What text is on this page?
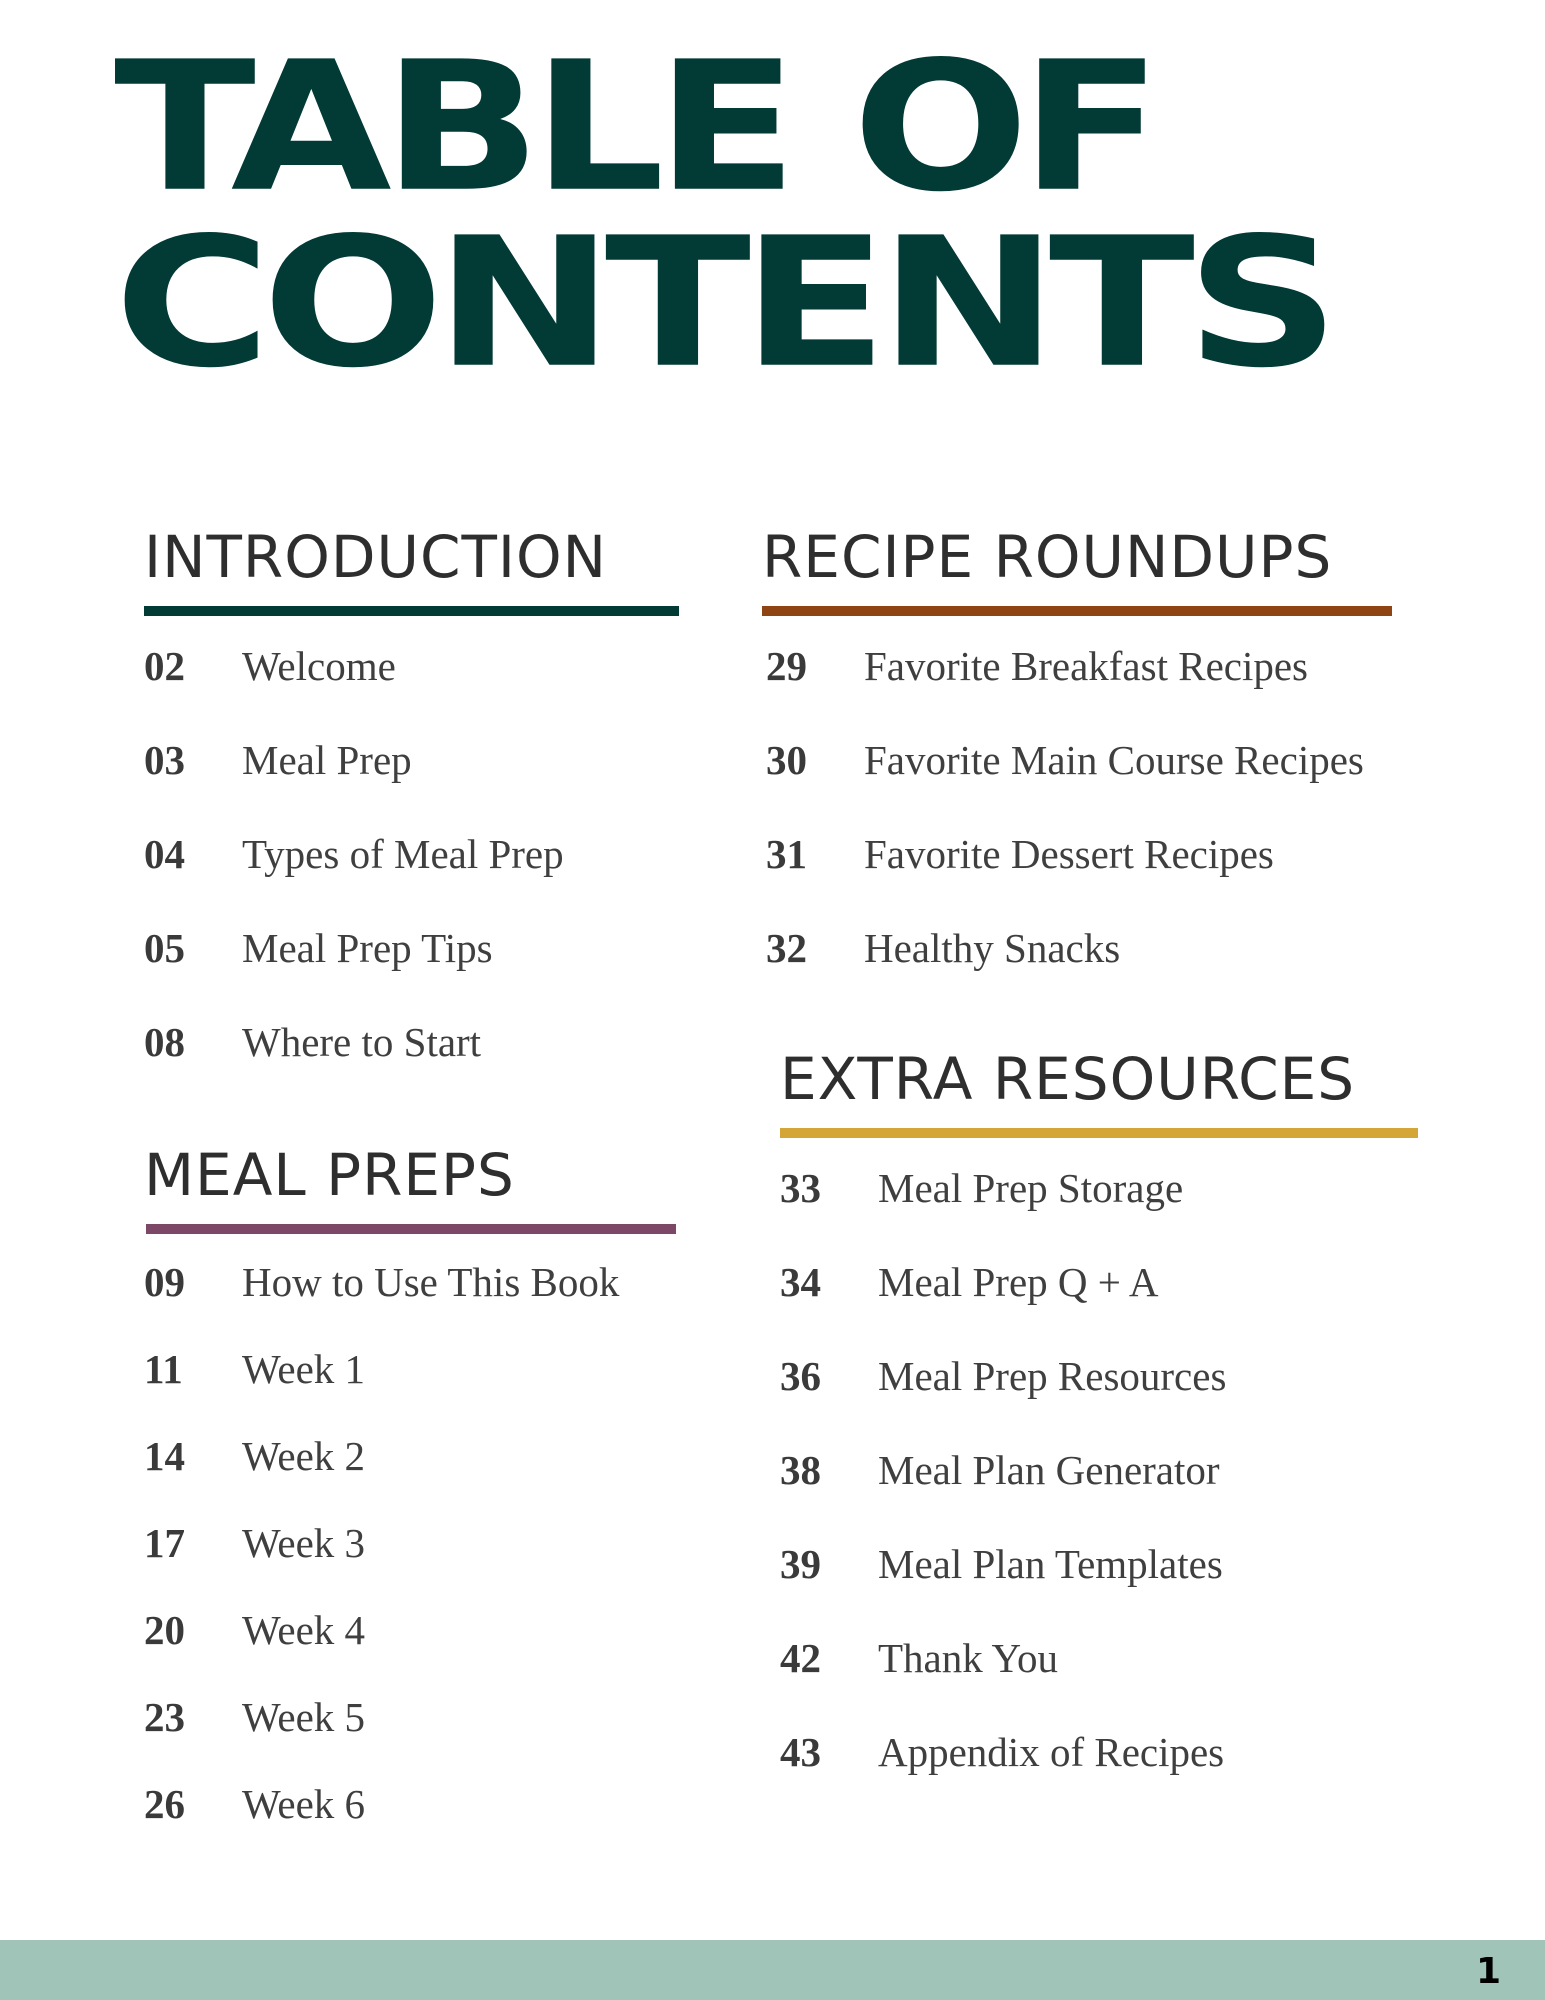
TABLE OF
CONTENTS
INTRODUCTION
02 Welcome
03 Meal Prep
04 Types of Meal Prep
05 Meal Prep Tips
08 Where to Start
MEAL PREPS
09 How to Use This Book
11 Week 1
14 Week 2
17 Week 3
20 Week 4
23 Week 5
26 Week 6
RECIPE ROUNDUPS
29 Favorite Breakfast Recipes
30 Favorite Main Course Recipes
31 Favorite Dessert Recipes
32 Healthy Snacks
EXTRA RESOURCES
33 Meal Prep Storage
34 Meal Prep Q + A
36 Meal Prep Resources
38 Meal Plan Generator
39 Meal Plan Templates
42 Thank You
43 Appendix of Recipes
1
